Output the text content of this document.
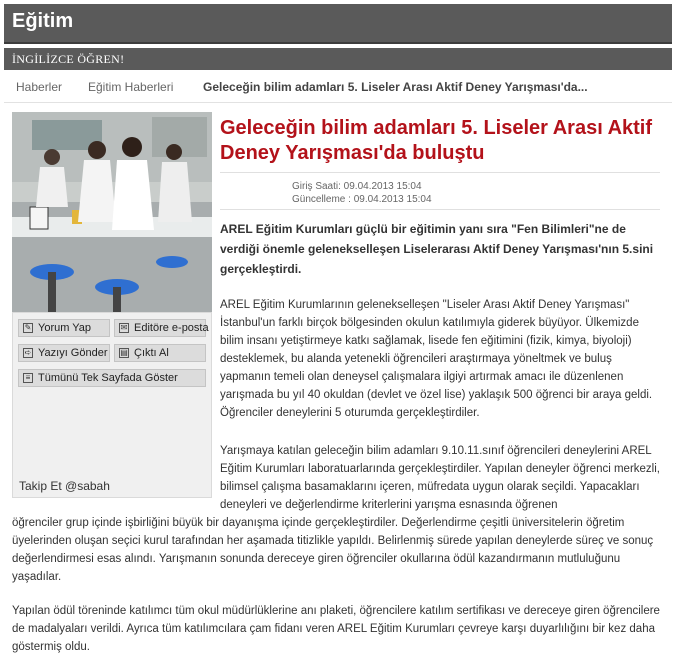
Eğitim
İNGİLİZCE ÖĞREN!
Haberler Eğitim Haberleri Geleceğin bilim adamları 5. Liseler Arası Aktif Deney Yarışması'da...
✎ Yorum Yap	✉ Editöre e-posta
➪ Yazıyı Gönder ▤ Çıktı Al
≡ Tümünü Tek Sayfada Göster
Takip Et @sabah
Geleceğin bilim adamları 5. Liseler Arası Aktif Deney Yarışması'da buluştu
Giriş Saati: 09.04.2013 15:04
Güncelleme : 09.04.2013 15:04
AREL Eğitim Kurumları güçlü bir eğitimin yanı sıra "Fen Bilimleri"ne de verdiği önemle gelenekselleşen Liselerarası Aktif Deney Yarışması'nın 5.sini gerçekleştirdi.
AREL Eğitim Kurumlarının gelenekselleşen "Liseler Arası Aktif Deney Yarışması" İstanbul'un farklı birçok bölgesinden okulun katılımıyla giderek büyüyor. Ülkemizde bilim insanı yetiştirmeye katkı sağlamak, lisede fen eğitimini (fizik, kimya, biyoloji) desteklemek, bu alanda yetenekli öğrencileri araştırmaya yöneltmek ve buluş yapmanın temeli olan deneysel çalışmalara ilgiyi artırmak amacı ile düzenlenen yarışmada bu yıl 40 okuldan (devlet ve özel lise) yaklaşık 500 öğrenci bir araya geldi. Öğrenciler deneylerini 5 oturumda gerçekleştirdiler.
Yarışmaya katılan geleceğin bilim adamları 9.10.11.sınıf öğrencileri deneylerini AREL Eğitim Kurumları laboratuarlarında gerçekleştirdiler. Yapılan deneyler öğrenci merkezli, bilimsel çalışma basamaklarını içeren, müfredata uygun olarak seçildi. Yapacakları deneyleri ve değerlendirme kriterlerini yarışma esnasında öğrenen
öğrenciler grup içinde işbirliğini büyük bir dayanışma içinde gerçekleştirdiler. Değerlendirme çeşitli üniversitelerin öğretim üyelerinden oluşan seçici kurul tarafından her aşamada titizlikle yapıldı. Belirlenmiş sürede yapılan deneylerde süreç ve sonuç değerlendirmesi esas alındı. Yarışmanın sonunda dereceye giren öğrenciler okullarına ödül kazandırmanın mutluluğunu yaşadılar.
Yapılan ödül töreninde katılımcı tüm okul müdürlüklerine anı plaketi, öğrencilere katılım sertifikası ve dereceye giren öğrencilere de madalyaları verildi. Ayrıca tüm katılımcılara çam fidanı veren AREL Eğitim Kurumları çevreye karşı duyarlılığını bir kez daha göstermiş oldu.
